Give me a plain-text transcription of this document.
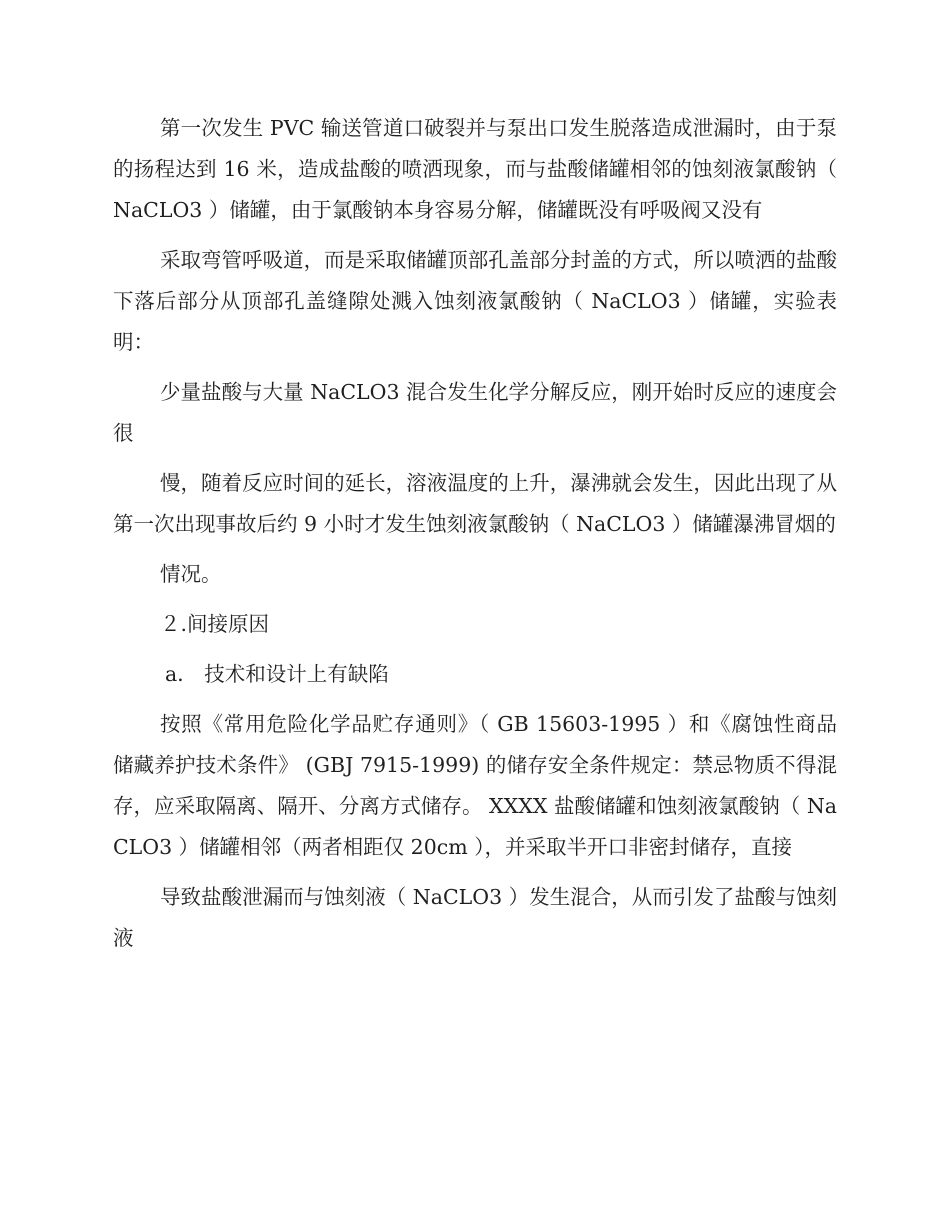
第一次发生 PVC 输送管道口破裂并与泵出口发生脱落造成泄漏时，由于泵的扬程达到 16 米，造成盐酸的喷洒现象，而与盐酸储罐相邻的蚀刻液氯酸钠（ NaCLO3 ）储罐，由于氯酸钠本身容易分解，储罐既没有呼吸阀又没有

采取弯管呼吸道，而是采取储罐顶部孔盖部分封盖的方式，所以喷洒的盐酸下落后部分从顶部孔盖缝隙处溅入蚀刻液氯酸钠（ NaCLO3 ）储罐，实验表明：

少量盐酸与大量 NaCLO3 混合发生化学分解反应，刚开始时反应的速度会很

慢，随着反应时间的延长，溶液温度的上升，瀑沸就会发生，因此出现了从第一次出现事故后约 9 小时才发生蚀刻液氯酸钠（ NaCLO3 ）储罐瀑沸冒烟的

情况。

２.间接原因

a． 技术和设计上有缺陷

按照《常用危险化学品贮存通则》（ GB 15603-1995 ）和《腐蚀性商品储藏养护技术条件》 (GBJ 7915-1999) 的储存安全条件规定：禁忌物质不得混存，应采取隔离、隔开、分离方式储存。 XXXX 盐酸储罐和蚀刻液氯酸钠（ NaCLO3 ）储罐相邻（两者相距仅 20cm ），并采取半开口非密封储存，直接

导致盐酸泄漏而与蚀刻液（ NaCLO3 ）发生混合，从而引发了盐酸与蚀刻液
